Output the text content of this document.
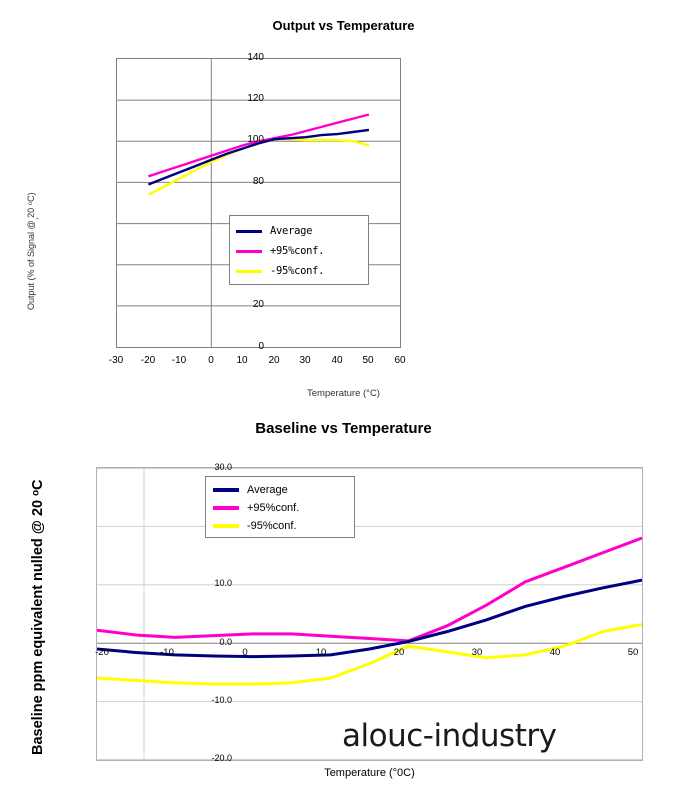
Output vs Temperature
Output (% of Signal @ 20 ᵒC) -
Temperature (°C)
140
120
100
80
20
0
-30	-20	-10	0	10	20	30	40	50	60
Average
+95%conf.
-95%conf.
Baseline vs Temperature
Temperature (°0C)
Baseline ppm equivalent nulled @ 20 ᵒC
30.0
10.0
0.0
-10.0
-20.0
-20	-10	0	10	20	30	40	50
Average
+95%conf.
-95%conf.
alouc-industry
